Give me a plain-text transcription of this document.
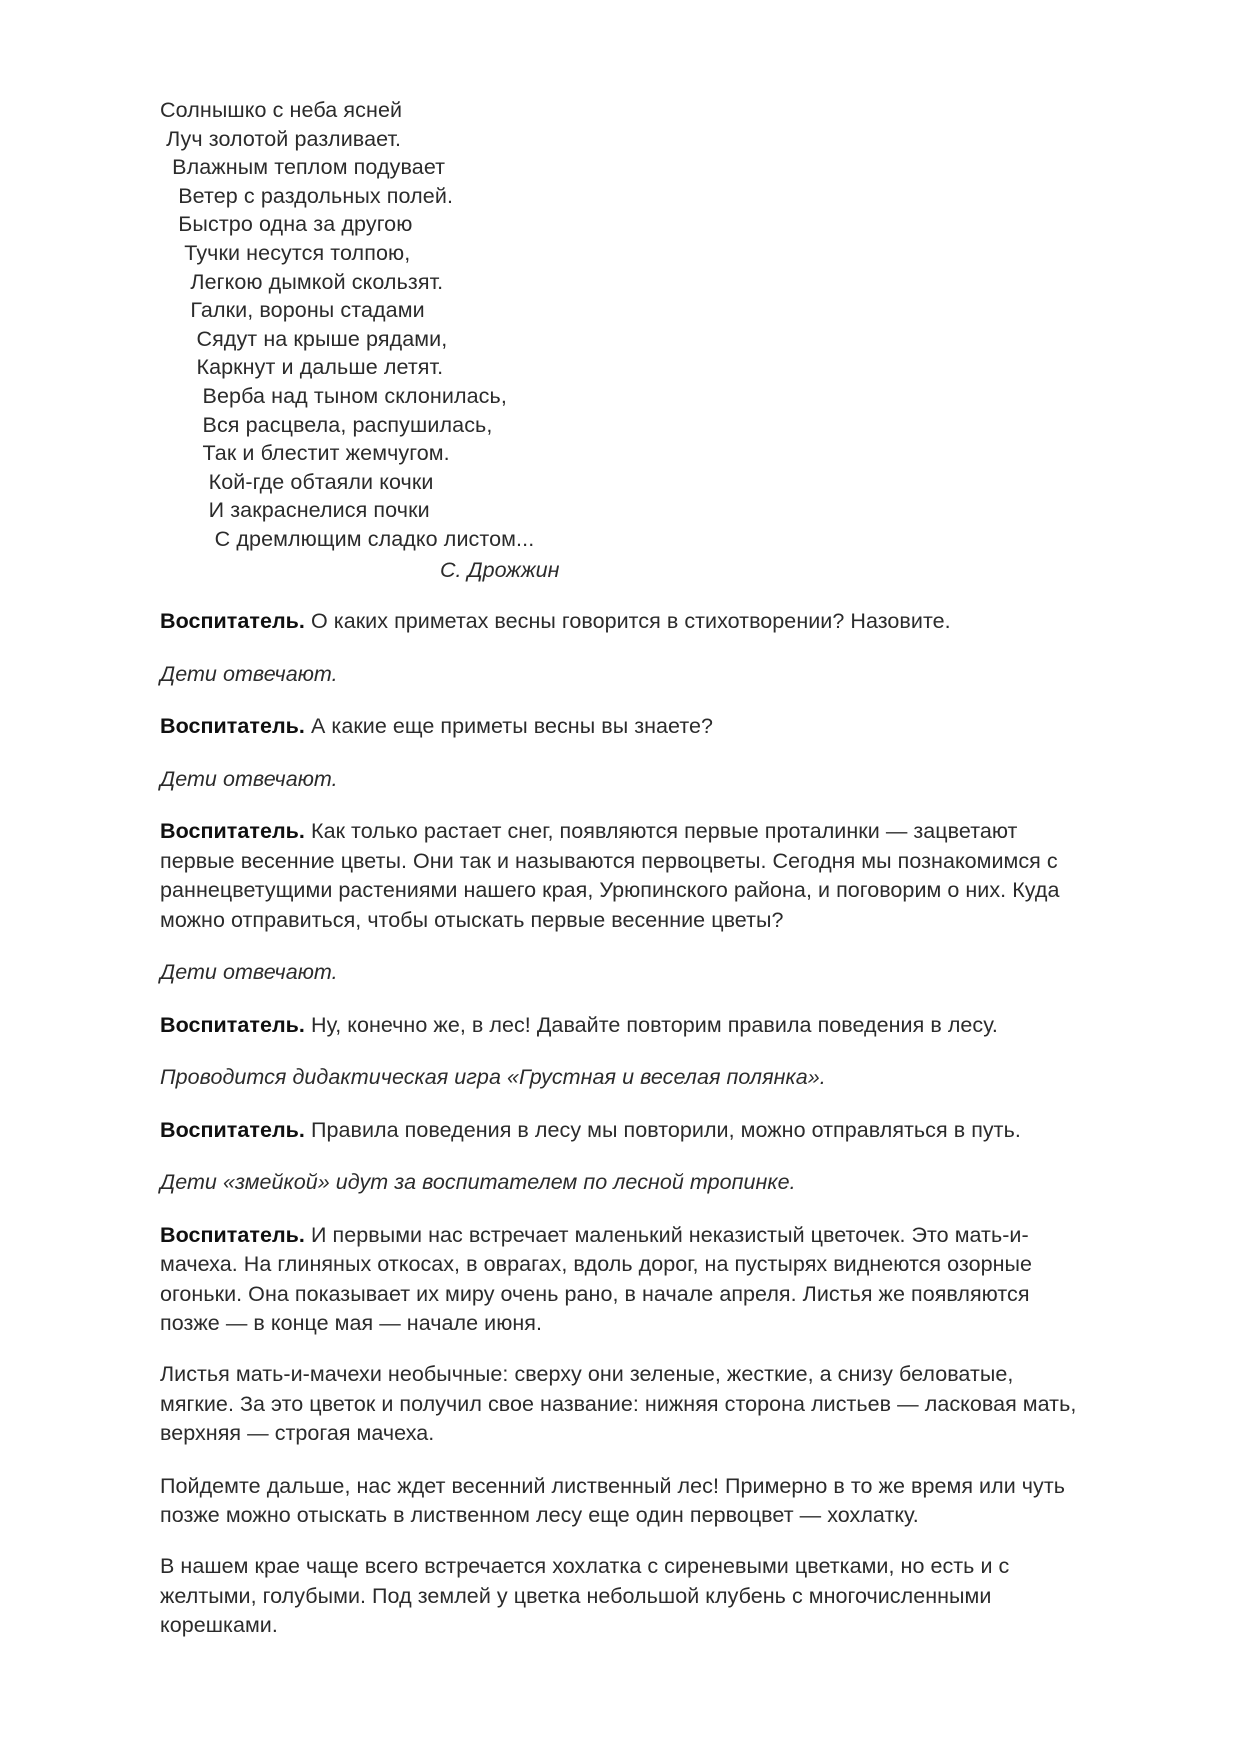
Солнышко с неба ясней
Луч золотой разливает.
Влажным теплом подувает
Ветер с раздольных полей.
Быстро одна за другою
Тучки несутся толпою,
Легкою дымкой скользят.
Галки, вороны стадами
Сядут на крыше рядами,
Каркнут и дальше летят.
Верба над тыном склонилась,
Вся расцвела, распушилась,
Так и блестит жемчугом.
Кой-где обтаяли кочки
И закраснелися почки
С дремлющим сладко листом...
С. Дрожжин

Воспитатель. О каких приметах весны говорится в стихотворении? Назовите.

Дети отвечают.

Воспитатель. А какие еще приметы весны вы знаете?

Дети отвечают.

Воспитатель. Как только растает снег, появляются первые проталинки — зацветают первые весенние цветы. Они так и называются первоцветы. Сегодня мы познакомимся с раннецветущими растениями нашего края, Урюпинского района, и поговорим о них. Куда можно отправиться, чтобы отыскать первые весенние цветы?

Дети отвечают.

Воспитатель. Ну, конечно же, в лес! Давайте повторим правила поведения в лесу.

Проводится дидактическая игра «Грустная и веселая полянка».

Воспитатель. Правила поведения в лесу мы повторили, можно отправляться в путь.

Дети «змейкой» идут за воспитателем по лесной тропинке.

Воспитатель. И первыми нас встречает маленький неказистый цветочек. Это мать-и-мачеха. На глиняных откосах, в оврагах, вдоль дорог, на пустырях виднеются озорные огоньки. Она показывает их миру очень рано, в начале апреля. Листья же появляются позже — в конце мая — начале июня.

Листья мать-и-мачехи необычные: сверху они зеленые, жесткие, а снизу беловатые, мягкие. За это цветок и получил свое название: нижняя сторона листьев — ласковая мать, верхняя — строгая мачеха.

Пойдемте дальше, нас ждет весенний лиственный лес! Примерно в то же время или чуть позже можно отыскать в лиственном лесу еще один первоцвет — хохлатку.

В нашем крае чаще всего встречается хохлатка с сиреневыми цветками, но есть и с желтыми, голубыми. Под землей у цветка небольшой клубень с многочисленными корешками.
